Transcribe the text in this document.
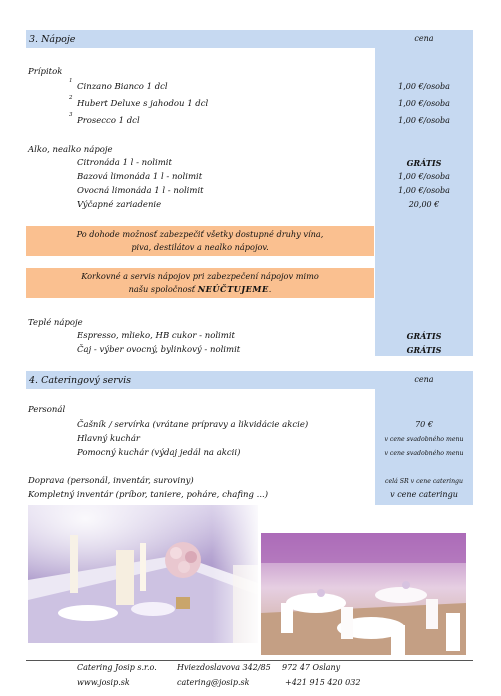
3. Nápoje	cena
Prípitok
1
Cinzano Bianco 1 dcl	1,00 €/osoba
2
Hubert Deluxe s jahodou 1 dcl	1,00 €/osoba
3
Prosecco 1 dcl	1,00 €/osoba
Alko, nealko nápoje
Citronáda 1 l - nolimit	GRÁTIS
Bazová limonáda 1 l - nolimit	1,00 €/osoba
Ovocná limonáda 1 l - nolimit	1,00 €/osoba
Výčapné zariadenie	20,00 €
Po dohode možnosť zabezpečiť všetky dostupné druhy vína, piva, destilátov a nealko nápojov.
Korkovné a servis nápojov pri zabezpečení nápojov mimo našu spoločnosť NEÚČTUJEME.
Teplé nápoje
Espresso, mlieko, HB cukor - nolimit	GRÁTIS
Čaj - výber ovocný, bylinkový - nolimit	GRÁTIS
4. Cateringový servis	cena
Personál
Čašník / servírka (vrátane prípravy a likvidácie akcie)	70 €
Hlavný kuchár	v cene svadobného menu
Pomocný kuchár (výdaj jedál na akcii)	v cene svadobného menu
Doprava (personál, inventár, suroviny)	celá SR v cene cateringu
Kompletný inventár (príbor, taniere, poháre, chafing ...)	v cene cateringu
Catering Josip s.r.o.	Hviezdoslavova 342/85 972 47 Oslany
www.josip.sk	catering@josip.sk	+421 915 420 032
